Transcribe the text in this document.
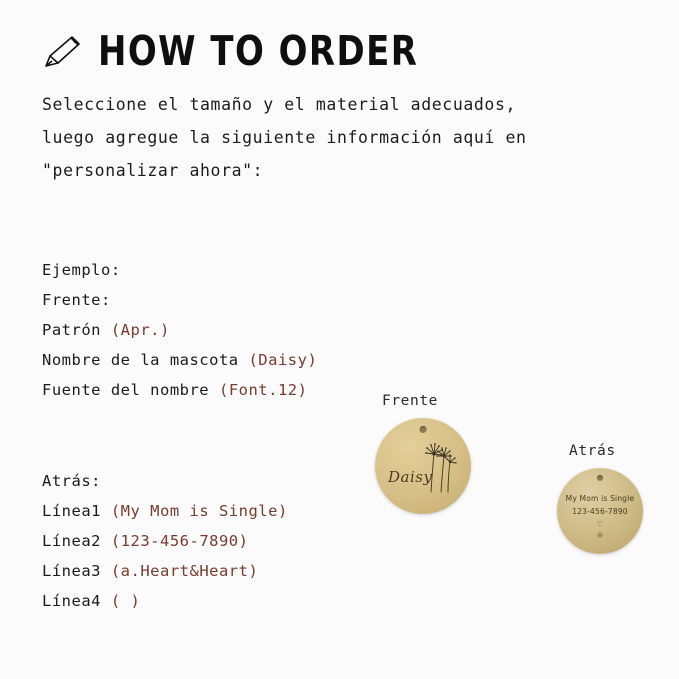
HOW TO ORDER
Seleccione el tamaño y el material adecuados,
luego agregue la siguiente información aquí en
"personalizar ahora":
Ejemplo:
Frente:
Patrón (Apr.)
Nombre de la mascota (Daisy)
Fuente del nombre (Font.12)
Atrás:
Línea1 (My Mom is Single)
Línea2 (123-456-7890)
Línea3 (a.Heart&Heart)
Línea4 ( )
Frente
Daisy
Atrás
My Mom is Single
123-456-7890
♡
◎
